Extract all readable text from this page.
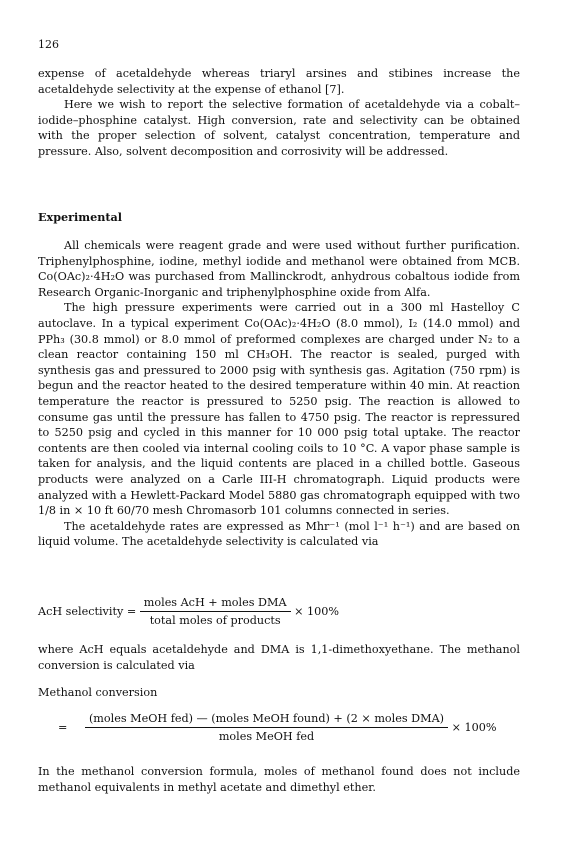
126

expense of acetaldehyde whereas triaryl arsines and stibines increase the acetaldehyde selectivity at the expense of ethanol [7].

Here we wish to report the selective formation of acetaldehyde via a cobalt–iodide–phosphine catalyst. High conversion, rate and selectivity can be obtained with the proper selection of solvent, catalyst concentration, temperature and pressure. Also, solvent decomposition and corrosivity will be addressed.

Experimental

All chemicals were reagent grade and were used without further purification. Triphenylphosphine, iodine, methyl iodide and methanol were obtained from MCB. Co(OAc)₂·4H₂O was purchased from Mallinckrodt, anhydrous cobaltous iodide from Research Organic-Inorganic and triphenylphosphine oxide from Alfa.

The high pressure experiments were carried out in a 300 ml Hastelloy C autoclave. In a typical experiment Co(OAc)₂·4H₂O (8.0 mmol), I₂ (14.0 mmol) and PPh₃ (30.8 mmol) or 8.0 mmol of preformed complexes are charged under N₂ to a clean reactor containing 150 ml CH₃OH. The reactor is sealed, purged with synthesis gas and pressured to 2000 psig with synthesis gas. Agitation (750 rpm) is begun and the reactor heated to the desired temperature within 40 min. At reaction temperature the reactor is pressured to 5250 psig. The reaction is allowed to consume gas until the pressure has fallen to 4750 psig. The reactor is repressured to 5250 psig and cycled in this manner for 10 000 psig total uptake. The reactor contents are then cooled via internal cooling coils to 10 °C. A vapor phase sample is taken for analysis, and the liquid contents are placed in a chilled bottle. Gaseous products were analyzed on a Carle III-H chromatograph. Liquid products were analyzed with a Hewlett-Packard Model 5880 gas chromatograph equipped with two 1/8 in × 10 ft 60/70 mesh Chromasorb 101 columns connected in series.

The acetaldehyde rates are expressed as Mhr⁻¹ (mol l⁻¹ h⁻¹) and are based on liquid volume. The acetaldehyde selectivity is calculated via

AcH selectivity = $\frac{\text{moles AcH + moles DMA}}{\text{total moles of products}} \times 100\%$

where AcH equals acetaldehyde and DMA is 1,1-dimethoxyethane. The methanol conversion is calculated via

Methanol conversion
= $\frac{\text{(moles MeOH fed) — (moles MeOH found) + (2 × moles DMA)}}{\text{moles MeOH fed}} \times 100\%$

In the methanol conversion formula, moles of methanol found does not include methanol equivalents in methyl acetate and dimethyl ether.
